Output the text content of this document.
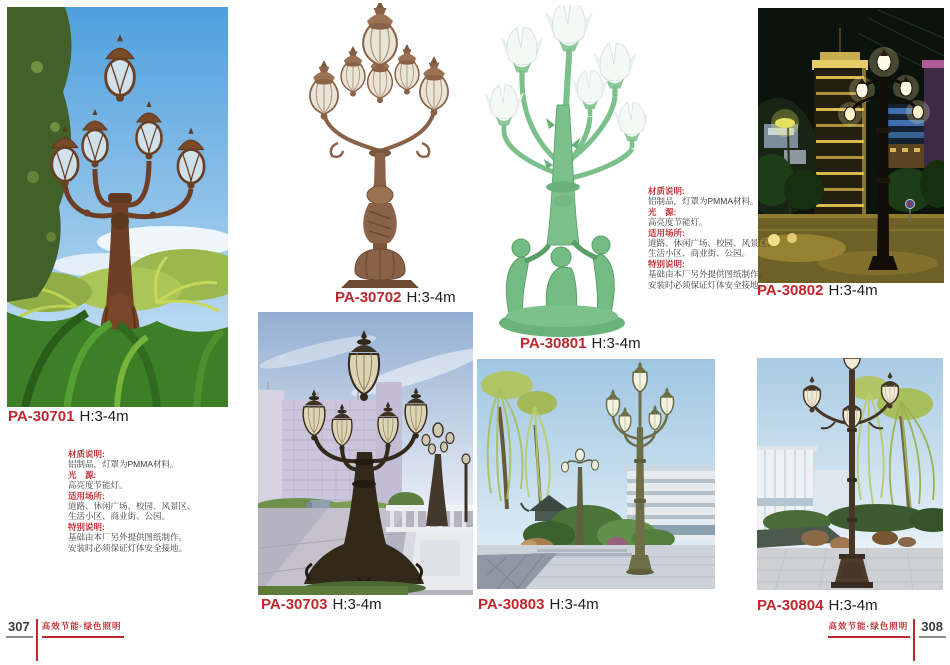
PA-30701 H:3-4m
PA-30702 H:3-4m
PA-30801 H:3-4m
PA-30802 H:3-4m
PA-30703 H:3-4m	PA-30803 H:3-4m	PA-30804 H:3-4m
材质说明:
铝制品，灯罩为PMMA材料。
光　源:
高亮度节能灯。
适用场所:
道路、休闲广场、校园、风景区、
生活小区、商业街、公园。
特别说明:
基础由本厂另外提供图纸制作。
安装时必须保证灯体安全接地。
材质说明:
铝制品，灯罩为PMMA材料。
光　源:
高亮度节能灯。
适用场所:
道路、休闲广场、校园、风景区、
生活小区、商业街、公园。
特别说明:
基础由本厂另外提供图纸制作。
安装时必须保证灯体安全接地。
307	高效节能·绿色照明	高效节能·绿色照明 308
